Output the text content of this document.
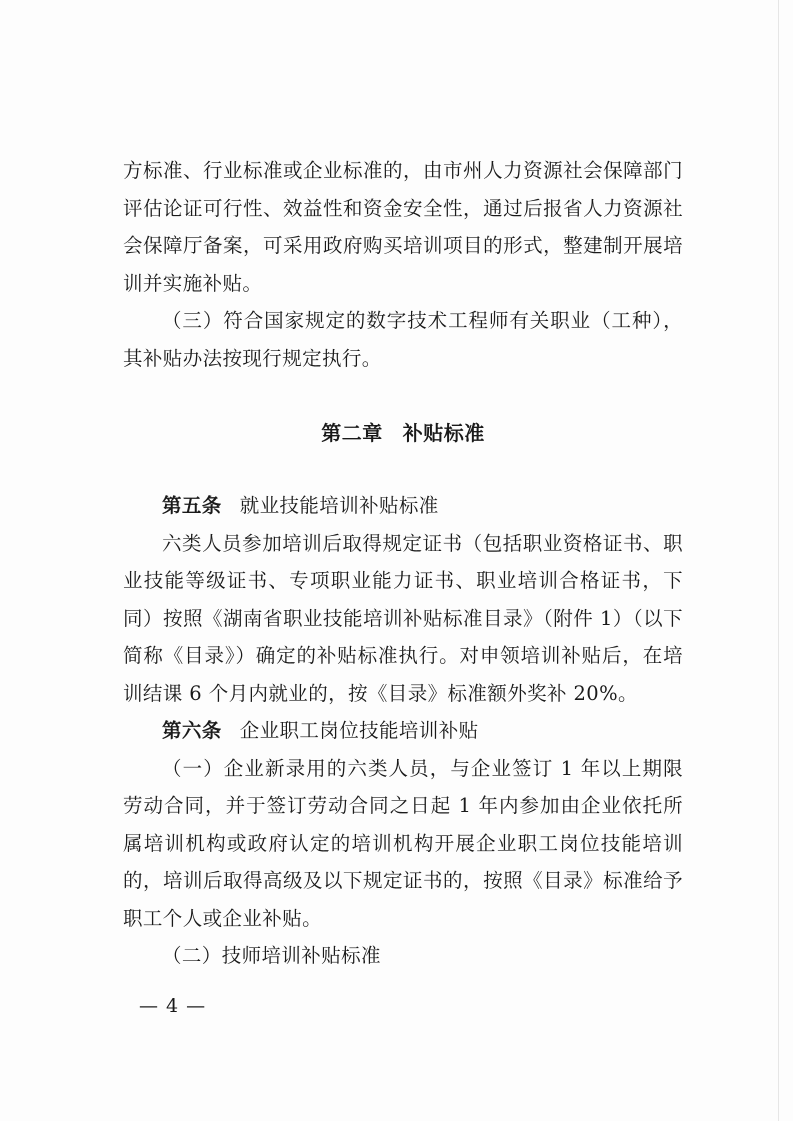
方标准、行业标准或企业标准的，由市州人力资源社会保障部门评估论证可行性、效益性和资金安全性，通过后报省人力资源社会保障厅备案，可采用政府购买培训项目的形式，整建制开展培训并实施补贴。

（三）符合国家规定的数字技术工程师有关职业（工种），其补贴办法按现行规定执行。

第二章 补贴标准

第五条 就业技能培训补贴标准

六类人员参加培训后取得规定证书（包括职业资格证书、职业技能等级证书、专项职业能力证书、职业培训合格证书，下同）按照《湖南省职业技能培训补贴标准目录》（附件 1）（以下简称《目录》）确定的补贴标准执行。对申领培训补贴后，在培训结课 6 个月内就业的，按《目录》标准额外奖补 20%。

第六条 企业职工岗位技能培训补贴

（一）企业新录用的六类人员，与企业签订 1 年以上期限劳动合同，并于签订劳动合同之日起 1 年内参加由企业依托所属培训机构或政府认定的培训机构开展企业职工岗位技能培训的，培训后取得高级及以下规定证书的，按照《目录》标准给予职工个人或企业补贴。

（二）技师培训补贴标准

— 4 —
